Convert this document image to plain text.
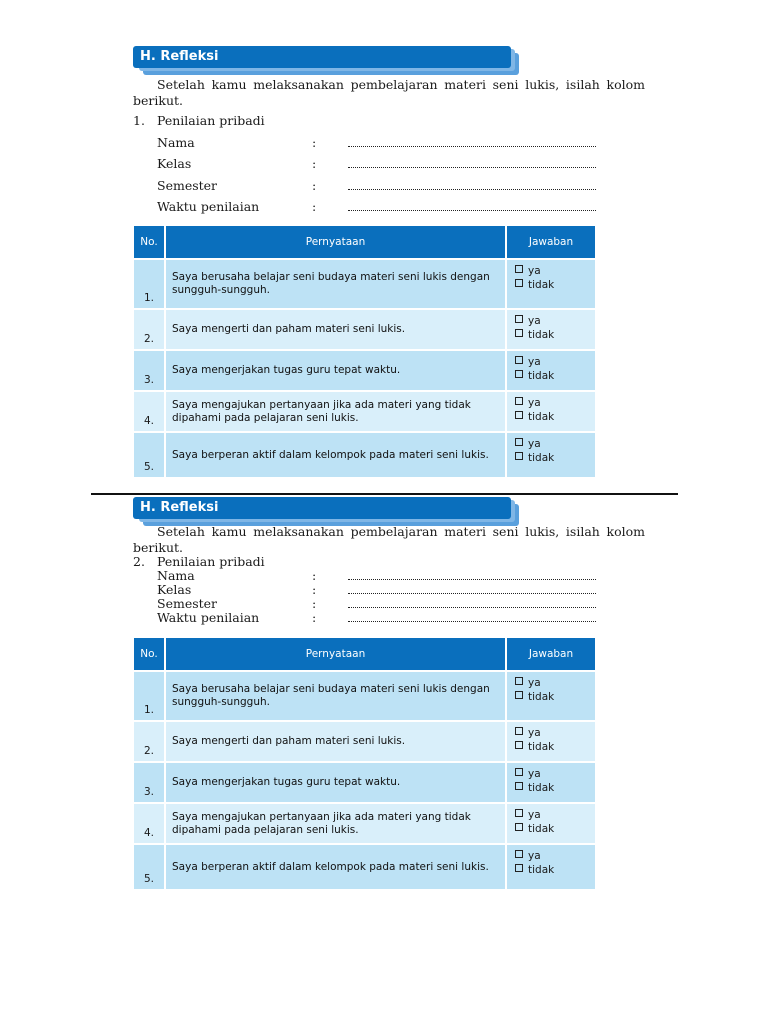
H. Refleksi
Setelah kamu melaksanakan pembelajaran materi seni lukis, isilah kolom
berikut.
1. Penilaian pribadi
Nama	:
Kelas	:
Semester	:
Waktu penilaian	:
No.	Pernyataan	Jawaban
1.	Saya berusaha belajar seni budaya materi seni lukis dengan sungguh-sungguh.	ya
tidak

2.	Saya mengerti dan paham materi seni lukis.	ya
tidak

3.	Saya mengerjakan tugas guru tepat waktu.	ya
tidak

4.	Saya mengajukan pertanyaan jika ada materi yang tidak dipahami pada pelajaran seni lukis.	ya
tidak

5.	Saya berperan aktif dalam kelompok pada materi seni lukis.	ya
tidak
H. Refleksi
Setelah kamu melaksanakan pembelajaran materi seni lukis, isilah kolom
berikut.
2. Penilaian pribadi
Nama	:
Kelas	:
Semester	:
Waktu penilaian	:
No.	Pernyataan	Jawaban
1.	Saya berusaha belajar seni budaya materi seni lukis dengan sungguh-sungguh.	ya
tidak

2.	Saya mengerti dan paham materi seni lukis.	ya
tidak

3.	Saya mengerjakan tugas guru tepat waktu.	ya
tidak

4.	Saya mengajukan pertanyaan jika ada materi yang tidak dipahami pada pelajaran seni lukis.	ya
tidak

5.	Saya berperan aktif dalam kelompok pada materi seni lukis.	ya
tidak
